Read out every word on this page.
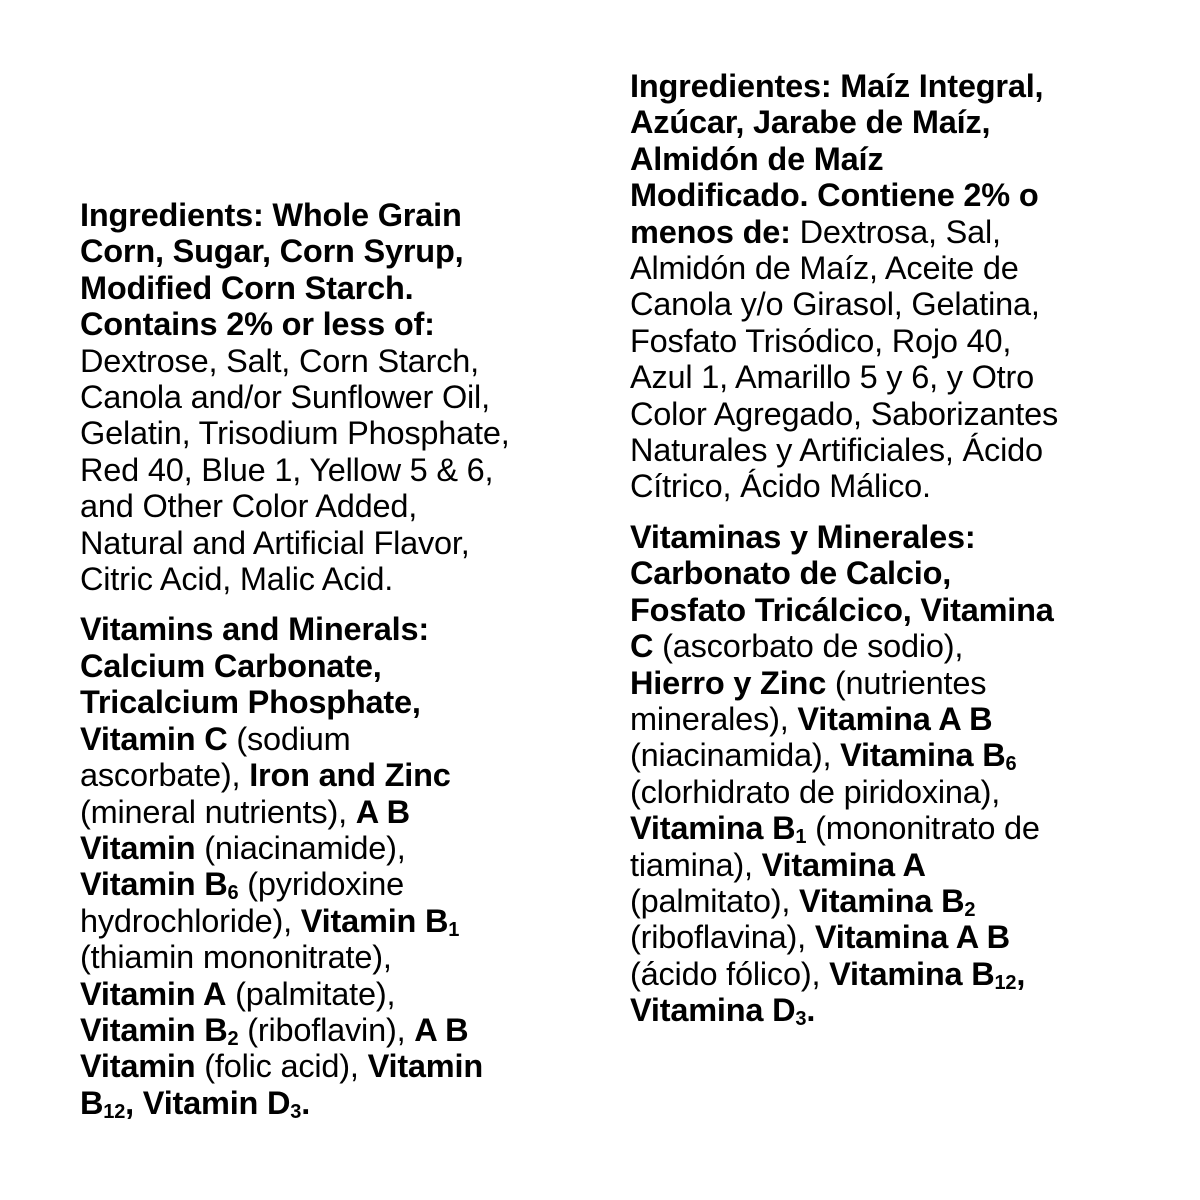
Ingredients: Whole Grain
Corn, Sugar, Corn Syrup,
Modified Corn Starch.
Contains 2% or less of:
Dextrose, Salt, Corn Starch,
Canola and/or Sunflower Oil,
Gelatin, Trisodium Phosphate,
Red 40, Blue 1, Yellow 5 & 6,
and Other Color Added,
Natural and Artificial Flavor,
Citric Acid, Malic Acid.
Vitamins and Minerals:
Calcium Carbonate,
Tricalcium Phosphate,
Vitamin C (sodium
ascorbate), Iron and Zinc
(mineral nutrients), A B
Vitamin (niacinamide),
Vitamin $B_6$ (pyridoxine
hydrochloride), Vitamin $B_1$
(thiamin mononitrate),
Vitamin A (palmitate),
Vitamin $B_2$ (riboflavin), A B
Vitamin (folic acid), Vitamin
$B_{12}$, Vitamin $D_3$.
Ingredientes: Maíz Integral,
Azúcar, Jarabe de Maíz,
Almidón de Maíz
Modificado. Contiene 2% o
menos de: Dextrosa, Sal,
Almidón de Maíz, Aceite de
Canola y/o Girasol, Gelatina,
Fosfato Trisódico, Rojo 40,
Azul 1, Amarillo 5 y 6, y Otro
Color Agregado, Saborizantes
Naturales y Artificiales, Ácido
Cítrico, Ácido Málico.
Vitaminas y Minerales:
Carbonato de Calcio,
Fosfato Tricálcico, Vitamina
C (ascorbato de sodio),
Hierro y Zinc (nutrientes
minerales), Vitamina A B
(niacinamida), Vitamina $B_6$
(clorhidrato de piridoxina),
Vitamina $B_1$ (mononitrato de
tiamina), Vitamina A
(palmitato), Vitamina $B_2$
(riboflavina), Vitamina A B
(ácido fólico), Vitamina $B_{12}$,
Vitamina $D_3$.
